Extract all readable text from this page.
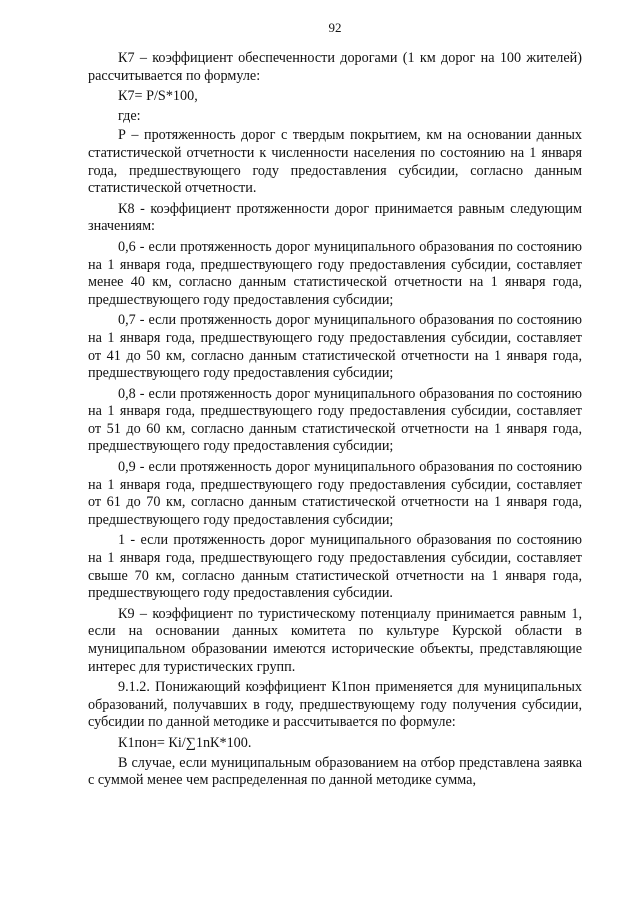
92

К7 – коэффициент обеспеченности дорогами (1 км дорог на 100 жителей) рассчитывается по формуле:

К7= P/S*100,

где:

Р – протяженность дорог с твердым покрытием, км на основании данных статистической отчетности к численности населения по состоянию на 1 января года, предшествующего году предоставления субсидии, согласно данным статистической отчетности.

К8 - коэффициент протяженности дорог принимается равным следующим значениям:

0,6 - если протяженность дорог муниципального образования по состоянию на 1 января года, предшествующего году предоставления субсидии, составляет менее 40 км, согласно данным статистической отчетности на 1 января года, предшествующего году предоставления субсидии;

0,7 - если протяженность дорог муниципального образования по состоянию на 1 января года, предшествующего году предоставления субсидии, составляет от 41 до 50 км, согласно данным статистической отчетности на 1 января года, предшествующего году предоставления субсидии;

0,8 - если протяженность дорог муниципального образования по состоянию на 1 января года, предшествующего году предоставления субсидии, составляет от 51 до 60 км, согласно данным статистической отчетности на 1 января года, предшествующего году предоставления субсидии;

0,9 - если протяженность дорог муниципального образования по состоянию на 1 января года, предшествующего году предоставления субсидии, составляет от 61 до 70 км, согласно данным статистической отчетности на 1 января года, предшествующего году предоставления субсидии;

1 - если протяженность дорог муниципального образования по состоянию на 1 января года, предшествующего году предоставления субсидии, составляет свыше 70 км, согласно данным статистической отчетности на 1 января года, предшествующего году предоставления субсидии.

К9 – коэффициент по туристическому потенциалу принимается равным 1, если на основании данных комитета по культуре Курской области в муниципальном образовании имеются исторические объекты, представляющие интерес для туристических групп.

9.1.2. Понижающий коэффициент К1пон применяется для муниципальных образований, получавших в году, предшествующему году получения субсидии, субсидии по данной методике и рассчитывается по формуле:

К1пон= Кi/∑1nК*100.

В случае, если муниципальным образованием на отбор представлена заявка с суммой менее чем распределенная по данной методике сумма,
